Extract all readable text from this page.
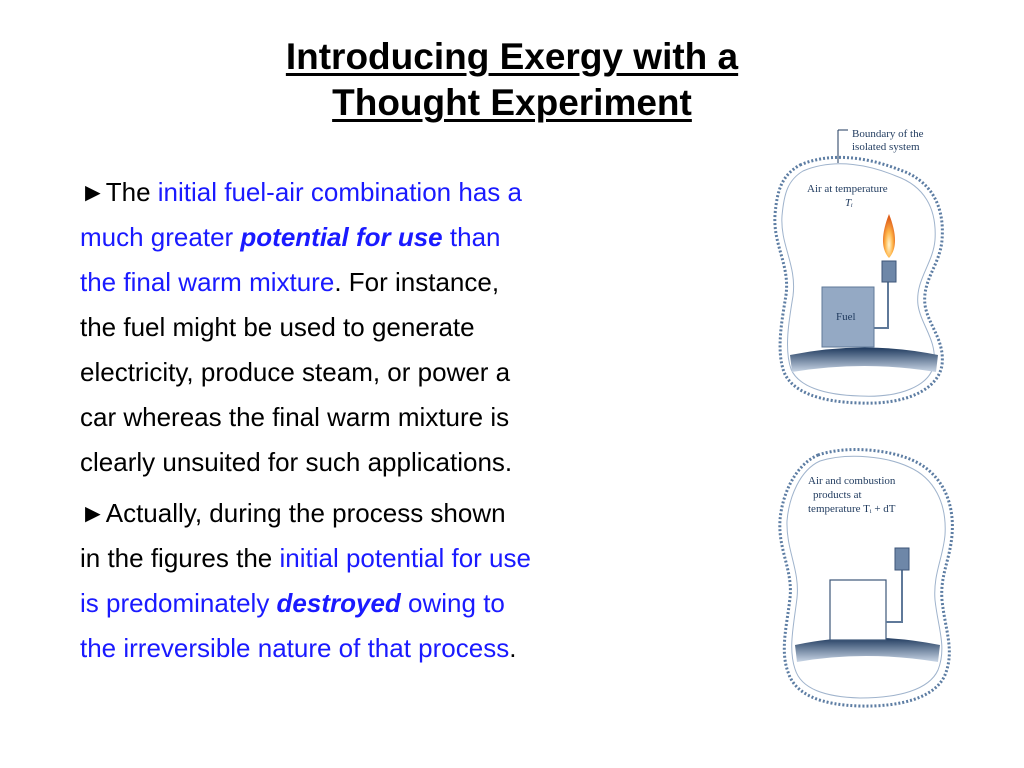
Introducing Exergy with a
Thought Experiment

►The initial fuel-air combination has a
much greater potential for use than
the final warm mixture. For instance,
the fuel might be used to generate
electricity, produce steam, or power a
car whereas the final warm mixture is
clearly unsuited for such applications.

►Actually, during the process shown
in the figures the initial potential for use
is predominately destroyed owing to
the irreversible nature of that process.

Boundary of the
isolated system
Air at temperature
Tᵢ
Fuel
Air and combustion
products at
temperature Tᵢ + dT
